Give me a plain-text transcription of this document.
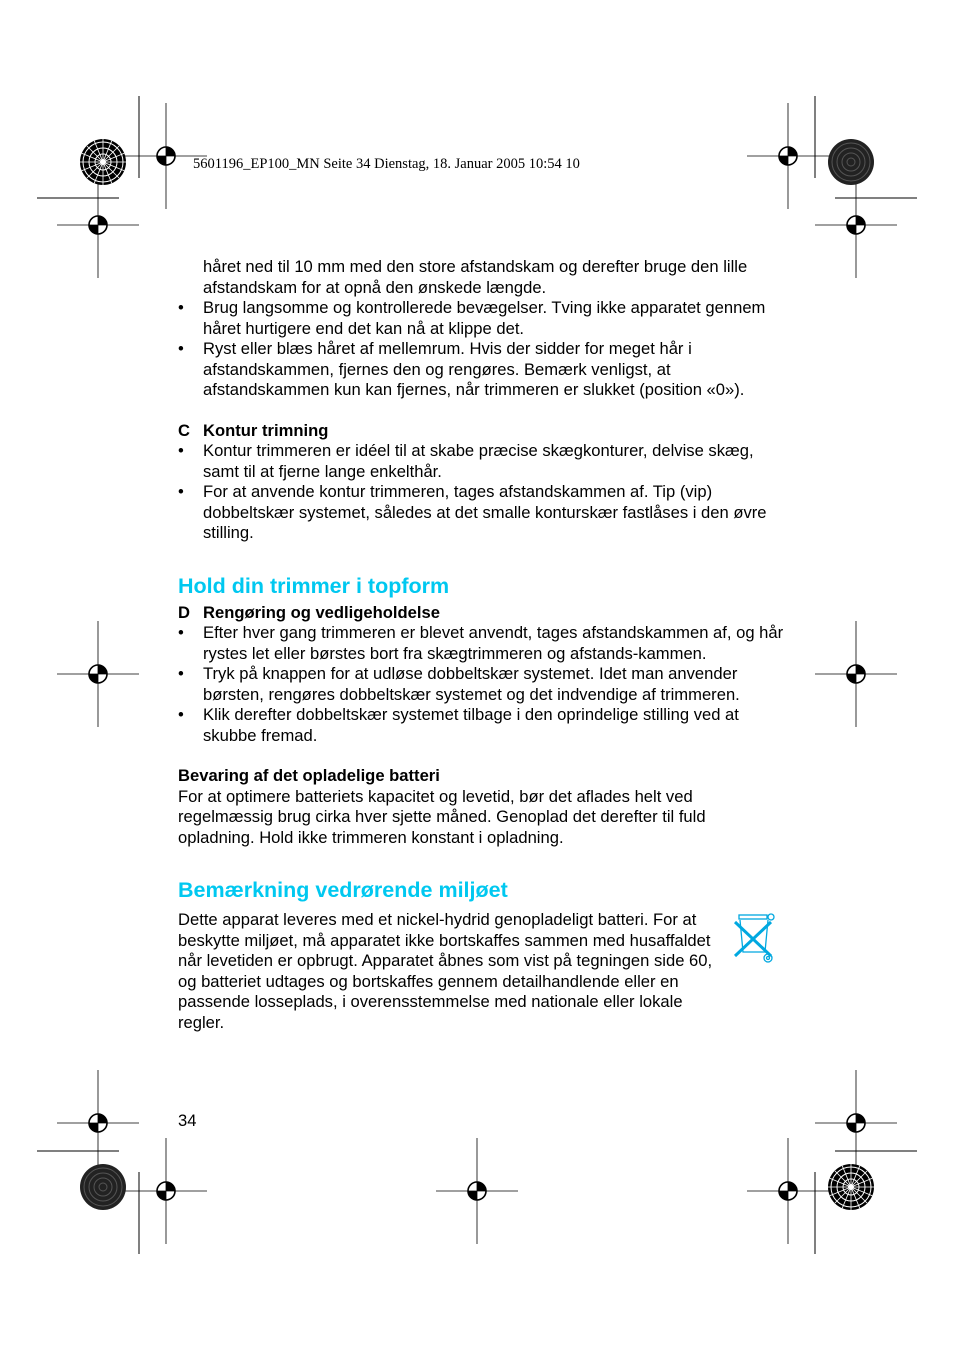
5601196_EP100_MN Seite 34 Dienstag, 18. Januar 2005 10:54 10

håret ned til 10 mm med den store afstandskam og derefter bruge den lille afstandskam for at opnå den ønskede længde.

• Brug langsomme og kontrollerede bevægelser. Tving ikke apparatet gennem håret hurtigere end det kan nå at klippe det.
• Ryst eller blæs håret af mellemrum. Hvis der sidder for meget hår i afstandskammen, fjernes den og rengøres. Bemærk venligst, at afstandskammen kun kan fjernes, når trimmeren er slukket (position «0»).
C Kontur trimning
• Kontur trimmeren er idéel til at skabe præcise skægkonturer, delvise skæg, samt til at fjerne lange enkelthår.
• For at anvende kontur trimmeren, tages afstandskammen af. Tip (vip) dobbeltskær systemet, således at det smalle konturskær fastlåses i den øvre stilling.
Hold din trimmer i topform
D Rengøring og vedligeholdelse
• Efter hver gang trimmeren er blevet anvendt, tages afstandskammen af, og hår rystes let eller børstes bort fra skægtrimmeren og afstands-kammen.
• Tryk på knappen for at udløse dobbeltskær systemet. Idet man anvender børsten, rengøres dobbeltskær systemet og det indvendige af trimmeren.
• Klik derefter dobbeltskær systemet tilbage i den oprindelige stilling ved at skubbe fremad.
Bevaring af det opladelige batteri

For at optimere batteriets kapacitet og levetid, bør det aflades helt ved regelmæssig brug cirka hver sjette måned. Genoplad det derefter til fuld opladning. Hold ikke trimmeren konstant i opladning.

Bemærkning vedrørende miljøet

Dette apparat leveres med et nickel-hydrid genopladeligt batteri. For at beskytte miljøet, må apparatet ikke bortskaffes sammen med husaffaldet når levetiden er opbrugt. Apparatet åbnes som vist på tegningen side 60, og batteriet udtages og bortskaffes gennem detailhandlende eller en passende losseplads, i overensstemmelse med nationale eller lokale regler.

34
